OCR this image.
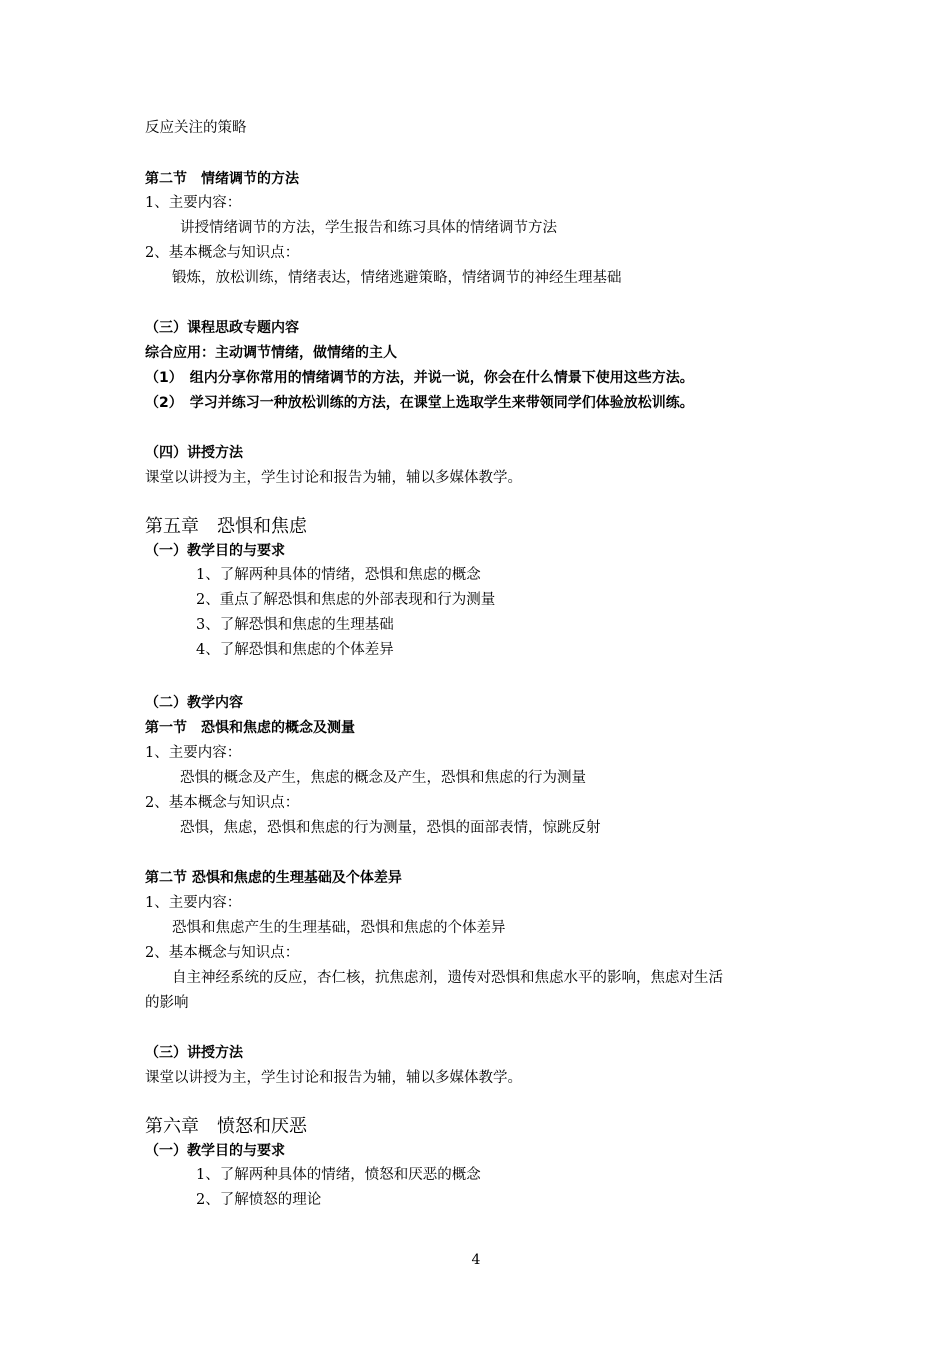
反应关注的策略
第二节　情绪调节的方法
1、主要内容：
讲授情绪调节的方法，学生报告和练习具体的情绪调节方法
2、基本概念与知识点：
锻炼，放松训练，情绪表达，情绪逃避策略，情绪调节的神经生理基础
（三）课程思政专题内容
综合应用：主动调节情绪，做情绪的主人
（1）　组内分享你常用的情绪调节的方法，并说一说，你会在什么情景下使用这些方法。
（2）　学习并练习一种放松训练的方法，在课堂上选取学生来带领同学们体验放松训练。
（四）讲授方法
课堂以讲授为主，学生讨论和报告为辅，辅以多媒体教学。
第五章　恐惧和焦虑
（一）教学目的与要求
1、了解两种具体的情绪，恐惧和焦虑的概念
2、重点了解恐惧和焦虑的外部表现和行为测量
3、了解恐惧和焦虑的生理基础
4、了解恐惧和焦虑的个体差异
（二）教学内容
第一节　恐惧和焦虑的概念及测量
1、主要内容：
恐惧的概念及产生，焦虑的概念及产生，恐惧和焦虑的行为测量
2、基本概念与知识点：
恐惧，焦虑，恐惧和焦虑的行为测量，恐惧的面部表情，惊跳反射
第二节 恐惧和焦虑的生理基础及个体差异
1、主要内容：
恐惧和焦虑产生的生理基础，恐惧和焦虑的个体差异
2、基本概念与知识点：
自主神经系统的反应，杏仁核，抗焦虑剂，遗传对恐惧和焦虑水平的影响，焦虑对生活
的影响
（三）讲授方法
课堂以讲授为主，学生讨论和报告为辅，辅以多媒体教学。
第六章　愤怒和厌恶
（一）教学目的与要求
1、了解两种具体的情绪，愤怒和厌恶的概念
2、了解愤怒的理论
4
